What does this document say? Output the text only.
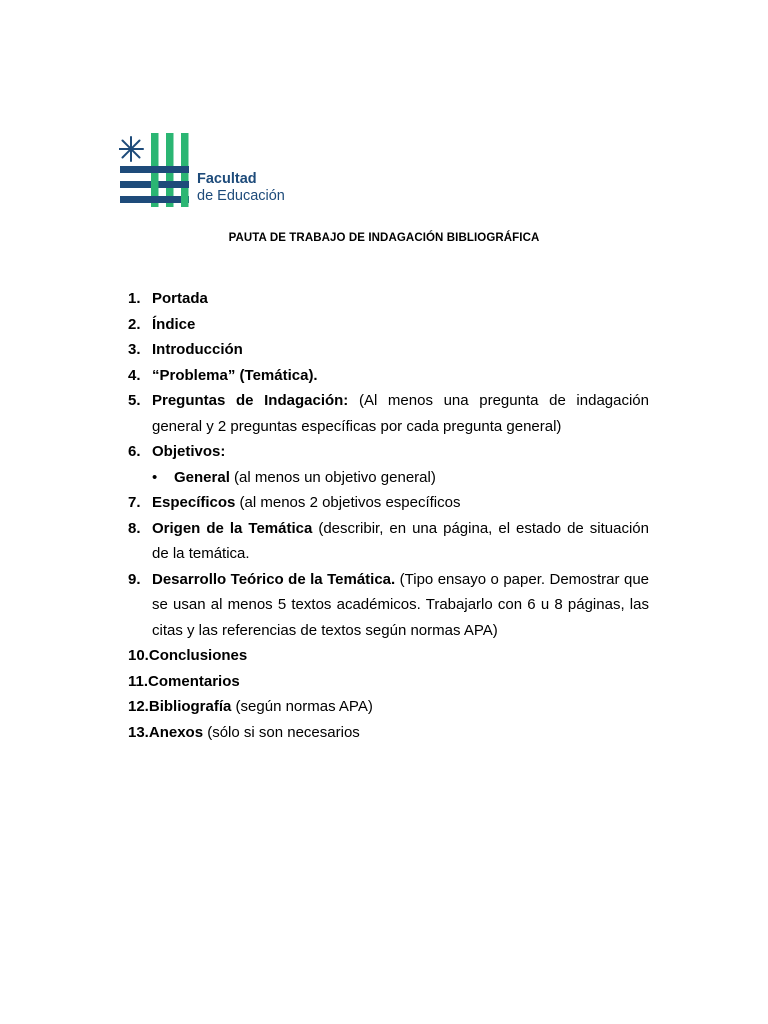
Facultad
de Educación
PAUTA DE TRABAJO DE INDAGACIÓN BIBLIOGRÁFICA
1. Portada
2. Índice
3. Introducción
4. “Problema” (Temática).
5. Preguntas de Indagación: (Al menos una pregunta de indagación general y 2 preguntas específicas por cada pregunta general)
6. Objetivos:
• General (al menos un objetivo general)
7. Específicos (al menos 2 objetivos específicos
8. Origen de la Temática (describir, en una página, el estado de situación de la temática.
9. Desarrollo Teórico de la Temática. (Tipo ensayo o paper. Demostrar que se usan al menos 5 textos académicos. Trabajarlo con 6 u 8 páginas, las citas y las referencias de textos según normas APA)
10.Conclusiones
11.Comentarios
12.Bibliografía (según normas APA)
13.Anexos (sólo si son necesarios
